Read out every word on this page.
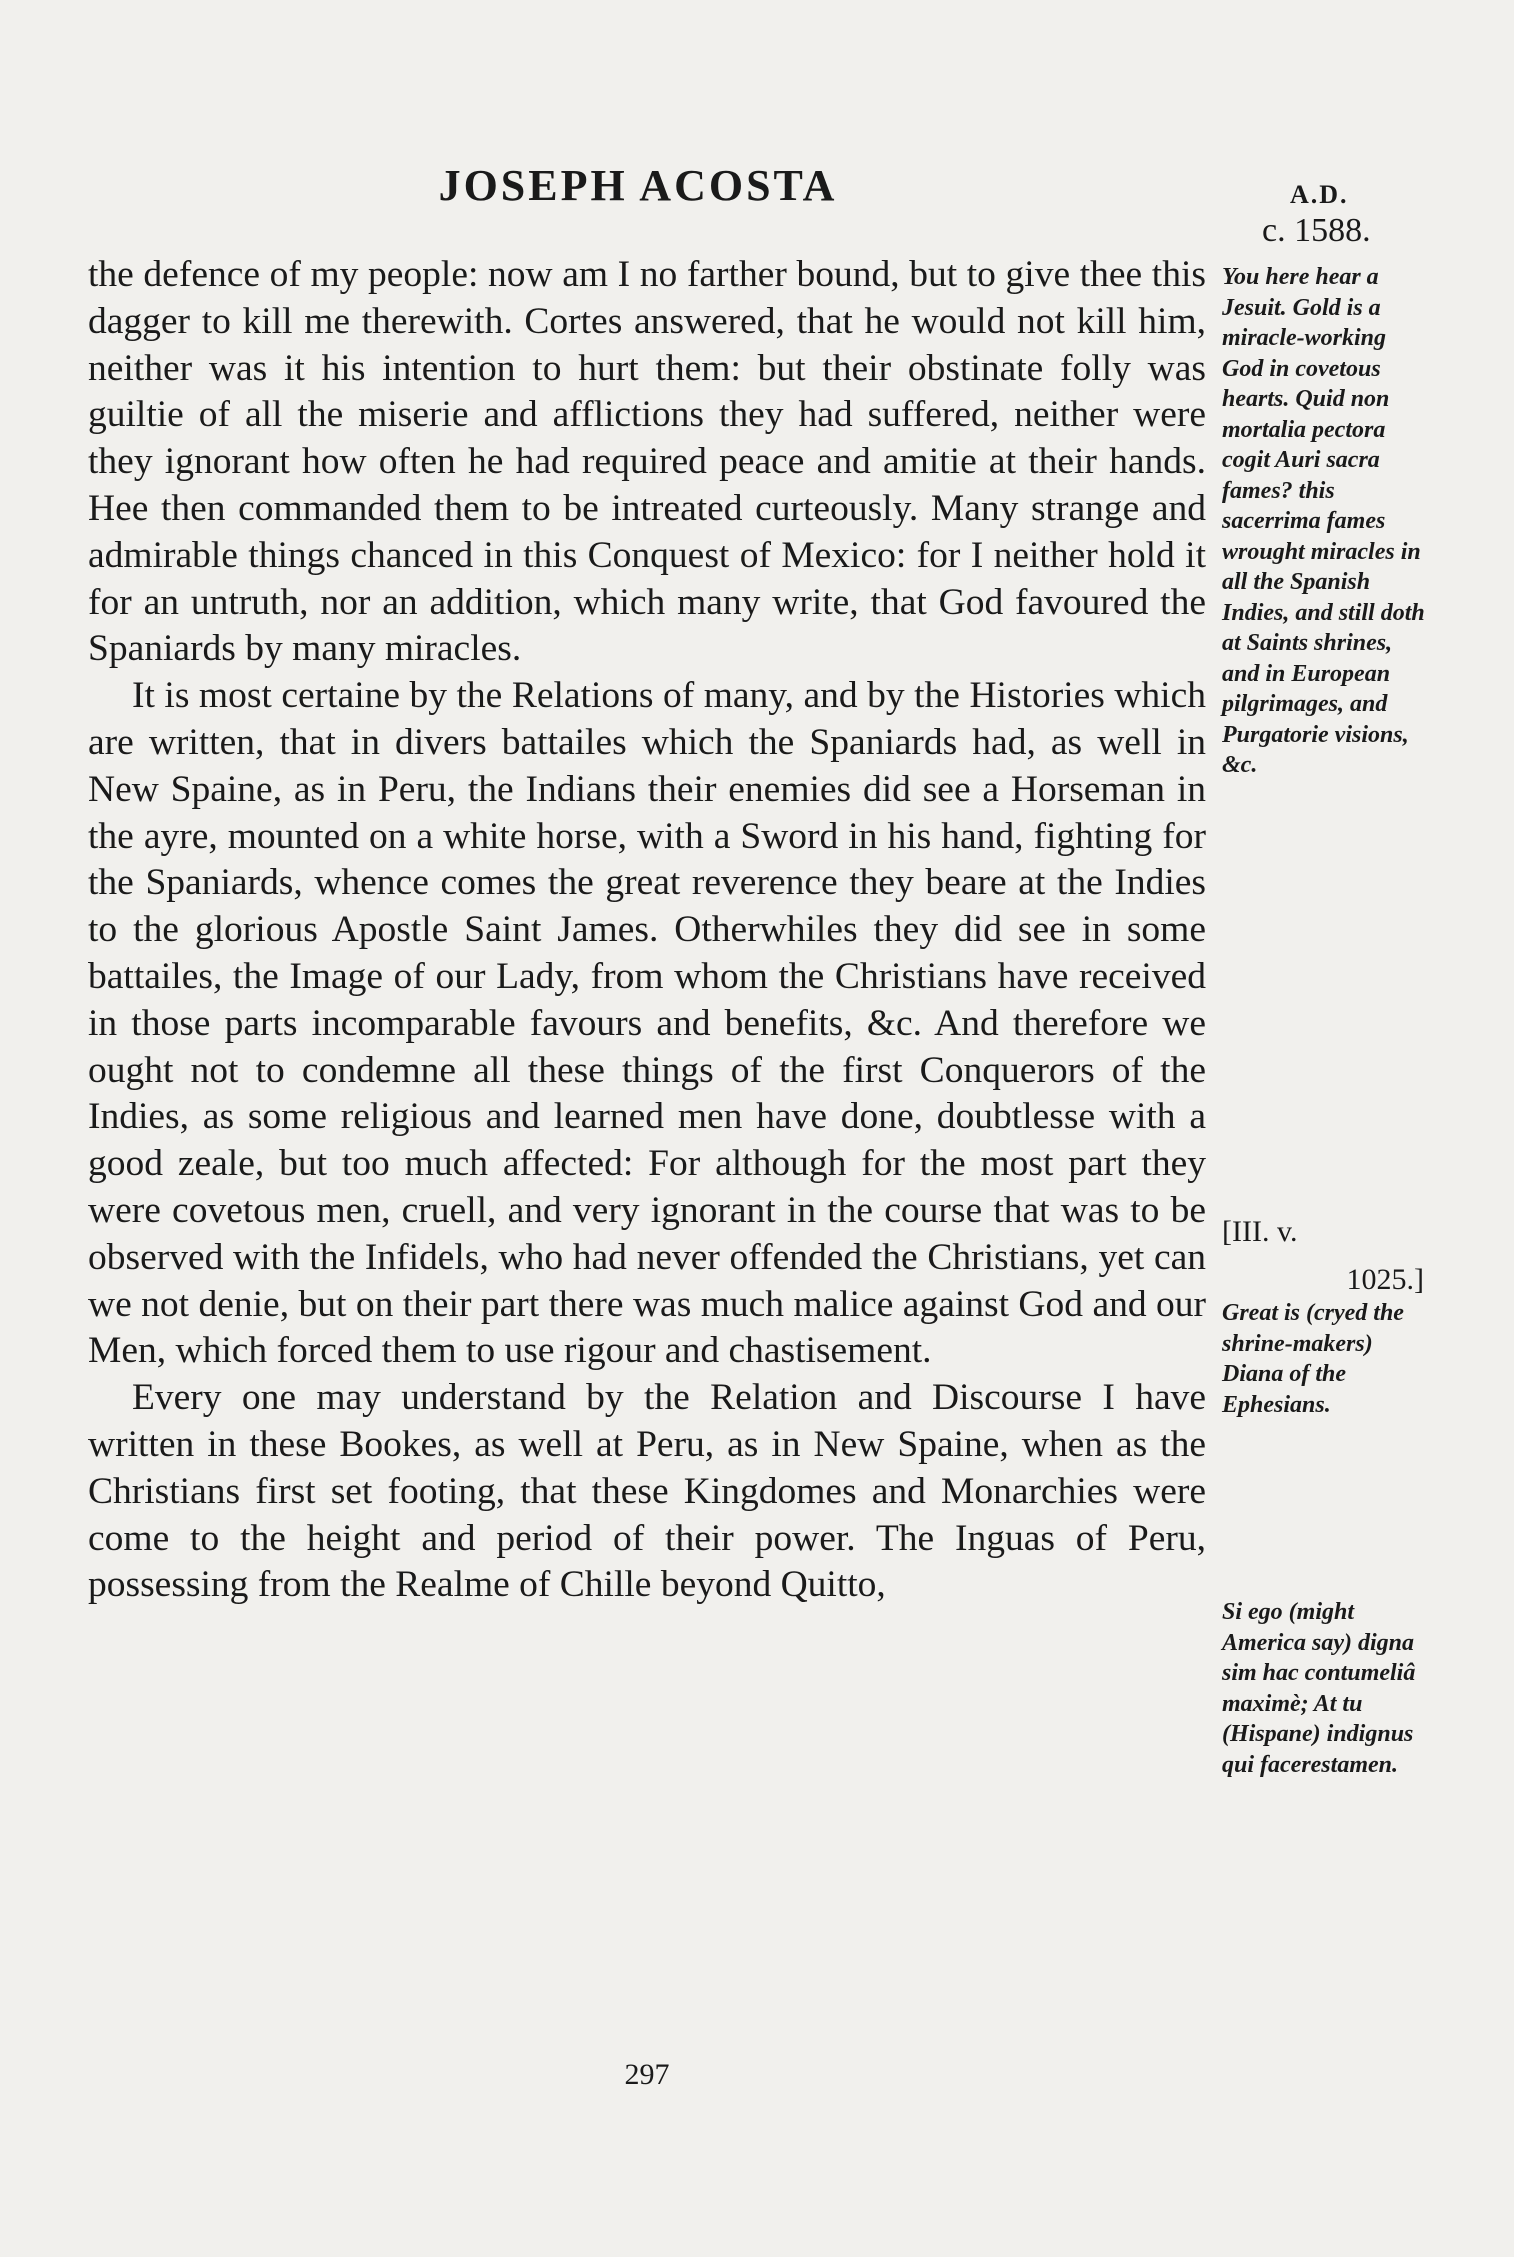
JOSEPH ACOSTA	A.D.
c. 1588.

the defence of my people: now am I no farther bound, but to give thee this dagger to kill me therewith. Cortes answered, that he would not kill him, neither was it his intention to hurt them: but their obstinate folly was guiltie of all the miserie and afflictions they had suffered, neither were they ignorant how often he had required peace and amitie at their hands. Hee then commanded them to be intreated curteously. Many strange and admirable things chanced in this Conquest of Mexico: for I neither hold it for an untruth, nor an addition, which many write, that God favoured the Spaniards by many miracles.

It is most certaine by the Relations of many, and by the Histories which are written, that in divers battailes which the Spaniards had, as well in New Spaine, as in Peru, the Indians their enemies did see a Horseman in the ayre, mounted on a white horse, with a Sword in his hand, fighting for the Spaniards, whence comes the great reverence they beare at the Indies to the glorious Apostle Saint James. Otherwhiles they did see in some battailes, the Image of our Lady, from whom the Christians have received in those parts incomparable favours and benefits, &c. And therefore we ought not to condemne all these things of the first Conquerors of the Indies, as some religious and learned men have done, doubtlesse with a good zeale, but too much affected: For although for the most part they were covetous men, cruell, and very ignorant in the course that was to be observed with the Infidels, who had never offended the Christians, yet can we not denie, but on their part there was much malice against God and our Men, which forced them to use rigour and chastisement.

Every one may understand by the Relation and Discourse I have written in these Bookes, as well at Peru, as in New Spaine, when as the Christians first set footing, that these Kingdomes and Monarchies were come to the height and period of their power. The Inguas of Peru, possessing from the Realme of Chille beyond Quitto,

You here hear a Jesuit. Gold is a miracle-working God in covetous hearts. Quid non mortalia pectora cogit Auri sacra fames? this sacerrima fames wrought miracles in all the Spanish Indies, and still doth at Saints shrines, and in European pilgrimages, and Purgatorie visions, &c.
[III. v.
1025.]
Great is (cryed the shrine-makers) Diana of the Ephesians.
Si ego (might America say) digna sim hac contumeliâ maximè; At tu (Hispane) indignus qui facerestamen.
297
